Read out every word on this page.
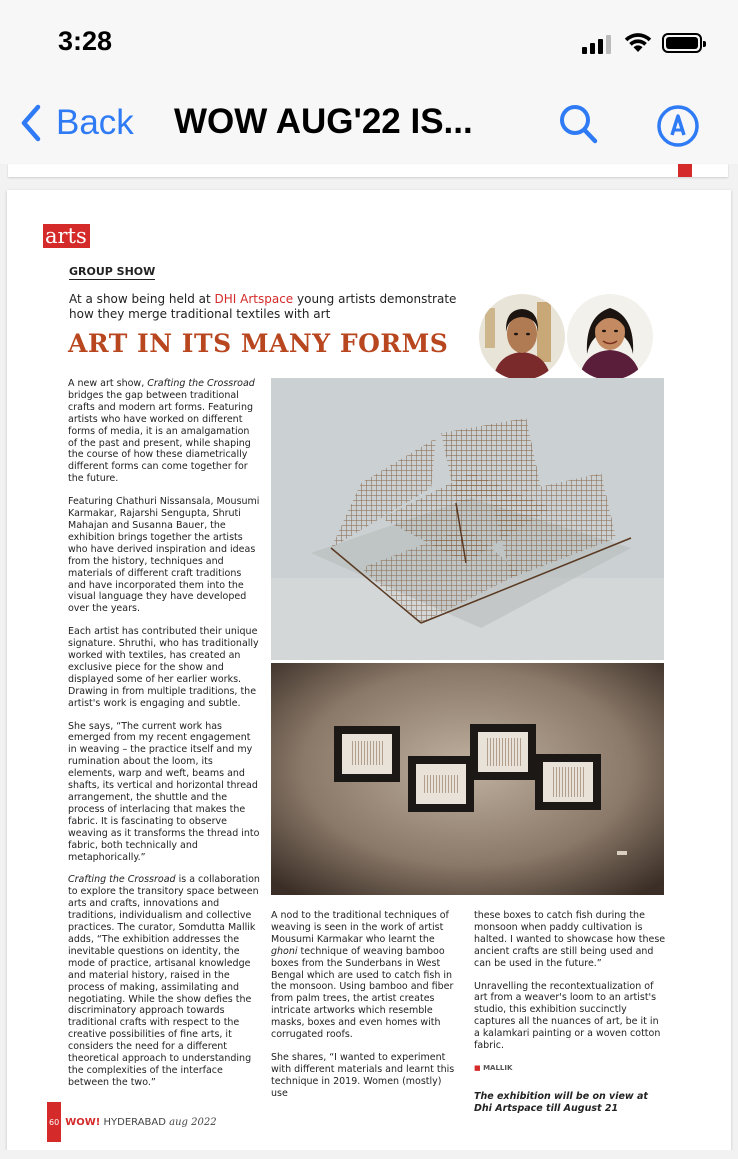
3:28
Back WOW AUG'22 IS...
arts
GROUP SHOW
At a show being held at DHI Artspace young artists demonstrate how they merge traditional textiles with art
ART IN ITS MANY FORMS

A new art show, Crafting the Crossroad bridges the gap between traditional crafts and modern art forms. Featuring artists who have worked on different forms of media, it is an amalgamation of the past and present, while shaping the course of how these diametrically different forms can come together for the future.

Featuring Chathuri Nissansala, Mousumi Karmakar, Rajarshi Sengupta, Shruti Mahajan and Susanna Bauer, the exhibition brings together the artists who have derived inspiration and ideas from the history, techniques and materials of different craft traditions and have incorporated them into the visual language they have developed over the years.

Each artist has contributed their unique signature. Shruthi, who has traditionally worked with textiles, has created an exclusive piece for the show and displayed some of her earlier works. Drawing in from multiple traditions, the artist's work is engaging and subtle.

She says, “The current work has emerged from my recent engagement in weaving – the practice itself and my rumination about the loom, its elements, warp and weft, beams and shafts, its vertical and horizontal thread arrangement, the shuttle and the process of interlacing that makes the fabric. It is fascinating to observe weaving as it transforms the thread into fabric, both technically and metaphorically.”

Crafting the Crossroad is a collaboration to explore the transitory space between arts and crafts, innovations and traditions, individualism and collective practices. The curator, Somdutta Mallik adds, “The exhibition addresses the inevitable questions on identity, the mode of practice, artisanal knowledge and material history, raised in the process of making, assimilating and negotiating. While the show defies the discriminatory approach towards traditional crafts with respect to the creative possibilities of fine arts, it considers the need for a different theoretical approach to understanding the complexities of the interface between the two.”

A nod to the traditional techniques of weaving is seen in the work of artist Mousumi Karmakar who learnt the ghoni technique of weaving bamboo boxes from the Sunderbans in West Bengal which are used to catch fish in the monsoon. Using bamboo and fiber from palm trees, the artist creates intricate artworks which resemble masks, boxes and even homes with corrugated roofs.

She shares, “I wanted to experiment with different materials and learnt this technique in 2019. Women (mostly) use

these boxes to catch fish during the monsoon when paddy cultivation is halted. I wanted to showcase how these ancient crafts are still being used and can be used in the future.”

Unravelling the recontextualization of art from a weaver's loom to an artist's studio, this exhibition succinctly captures all the nuances of art, be it in a kalamkari painting or a woven cotton fabric.

■ MALLIK

The exhibition will be on view at Dhi Artspace till August 21

60 WOW! HYDERABAD aug 2022
